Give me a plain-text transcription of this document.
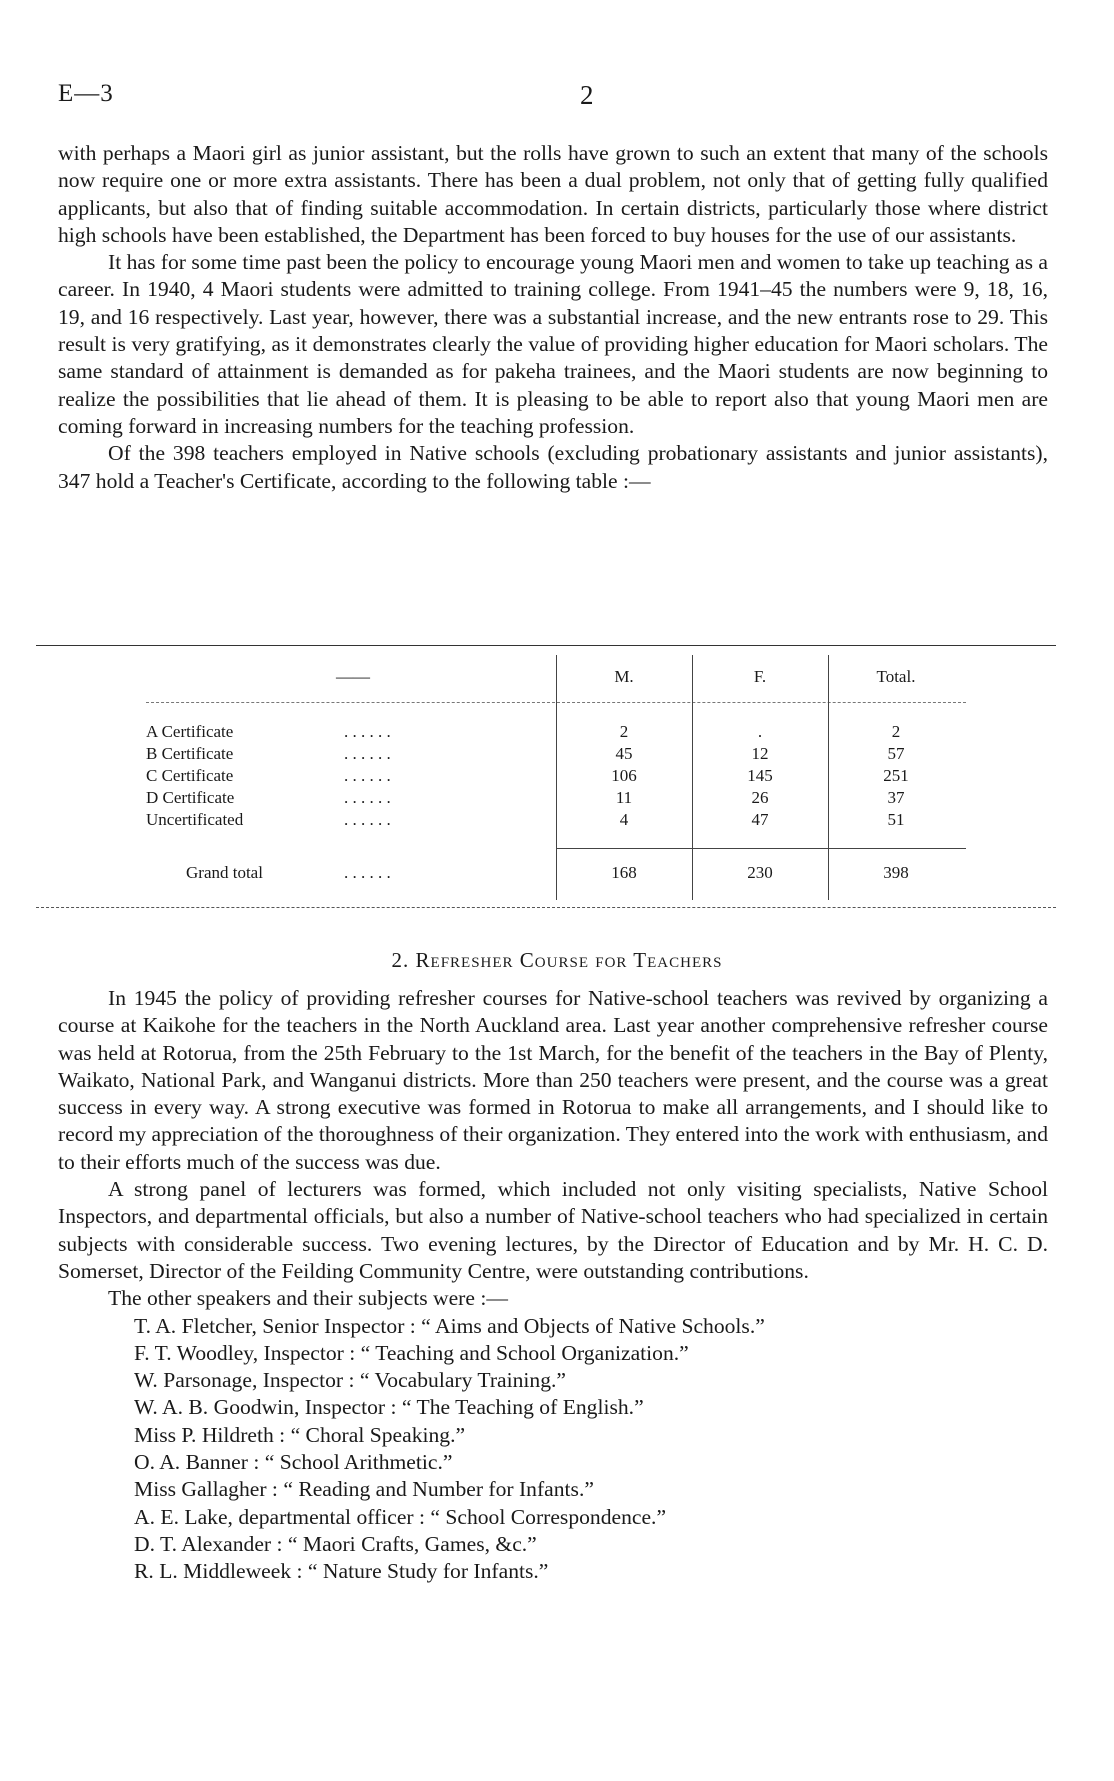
E—3	2

with perhaps a Maori girl as junior assistant, but the rolls have grown to such an extent that many of the schools now require one or more extra assistants. There has been a dual problem, not only that of getting fully qualified applicants, but also that of finding suitable accommodation. In certain districts, particularly those where district high schools have been established, the Department has been forced to buy houses for the use of our assistants.

It has for some time past been the policy to encourage young Maori men and women to take up teaching as a career. In 1940, 4 Maori students were admitted to training college. From 1941–45 the numbers were 9, 18, 16, 19, and 16 respectively. Last year, however, there was a substantial increase, and the new entrants rose to 29. This result is very gratifying, as it demonstrates clearly the value of providing higher education for Maori scholars. The same standard of attainment is demanded as for pakeha trainees, and the Maori students are now beginning to realize the possibilities that lie ahead of them. It is pleasing to be able to report also that young Maori men are coming forward in increasing numbers for the teaching profession.

Of the 398 teachers employed in Native schools (excluding probationary assistants and junior assistants), 347 hold a Teacher's Certificate, according to the following table :—

——	M.	F.	Total.
A Certificate	. . . . . .	2	.	2
B Certificate	. . . . . .	45	12	57
C Certificate	. . . . . .	106	145	251
D Certificate	. . . . . .	11	26	37
Uncertificated	. . . . . .	4	47	51
Grand total	. . . . . .	168	230	398
2. Refresher Course for Teachers

In 1945 the policy of providing refresher courses for Native-school teachers was revived by organizing a course at Kaikohe for the teachers in the North Auckland area. Last year another comprehensive refresher course was held at Rotorua, from the 25th February to the 1st March, for the benefit of the teachers in the Bay of Plenty, Waikato, National Park, and Wanganui districts. More than 250 teachers were present, and the course was a great success in every way. A strong executive was formed in Rotorua to make all arrangements, and I should like to record my appreciation of the thoroughness of their organization. They entered into the work with enthusiasm, and to their efforts much of the success was due.

A strong panel of lecturers was formed, which included not only visiting specialists, Native School Inspectors, and departmental officials, but also a number of Native-school teachers who had specialized in certain subjects with considerable success. Two evening lectures, by the Director of Education and by Mr. H. C. D. Somerset, Director of the Feilding Community Centre, were outstanding contributions.

The other speakers and their subjects were :—

T. A. Fletcher, Senior Inspector : “ Aims and Objects of Native Schools.”
F. T. Woodley, Inspector : “ Teaching and School Organization.”
W. Parsonage, Inspector : “ Vocabulary Training.”
W. A. B. Goodwin, Inspector : “ The Teaching of English.”
Miss P. Hildreth : “ Choral Speaking.”
O. A. Banner : “ School Arithmetic.”
Miss Gallagher : “ Reading and Number for Infants.”
A. E. Lake, departmental officer : “ School Correspondence.”
D. T. Alexander : “ Maori Crafts, Games, &c.”
R. L. Middleweek : “ Nature Study for Infants.”
